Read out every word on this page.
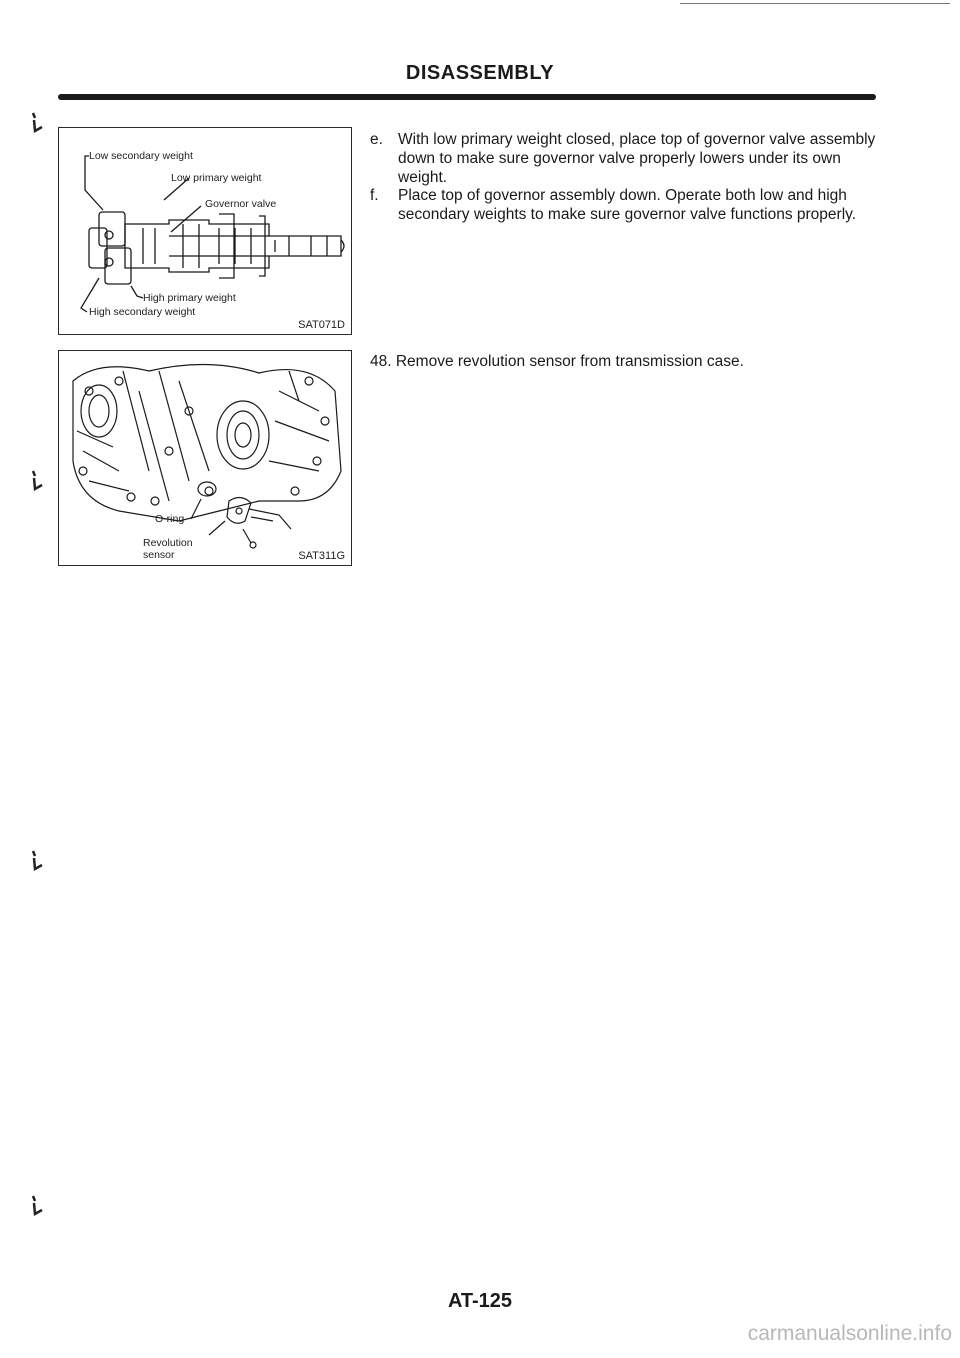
DISASSEMBLY
Low secondary weight
Low primary weight
Governor valve
High primary weight
High secondary weight
SAT071D
O-ring
Revolution
sensor	SAT311G
e. With low primary weight closed, place top of governor valve assembly down to make sure governor valve properly lowers under its own weight.
f. Place top of governor assembly down. Operate both low and high secondary weights to make sure governor valve functions properly.
48. Remove revolution sensor from transmission case.
AT-125
carmanualsonline.info
